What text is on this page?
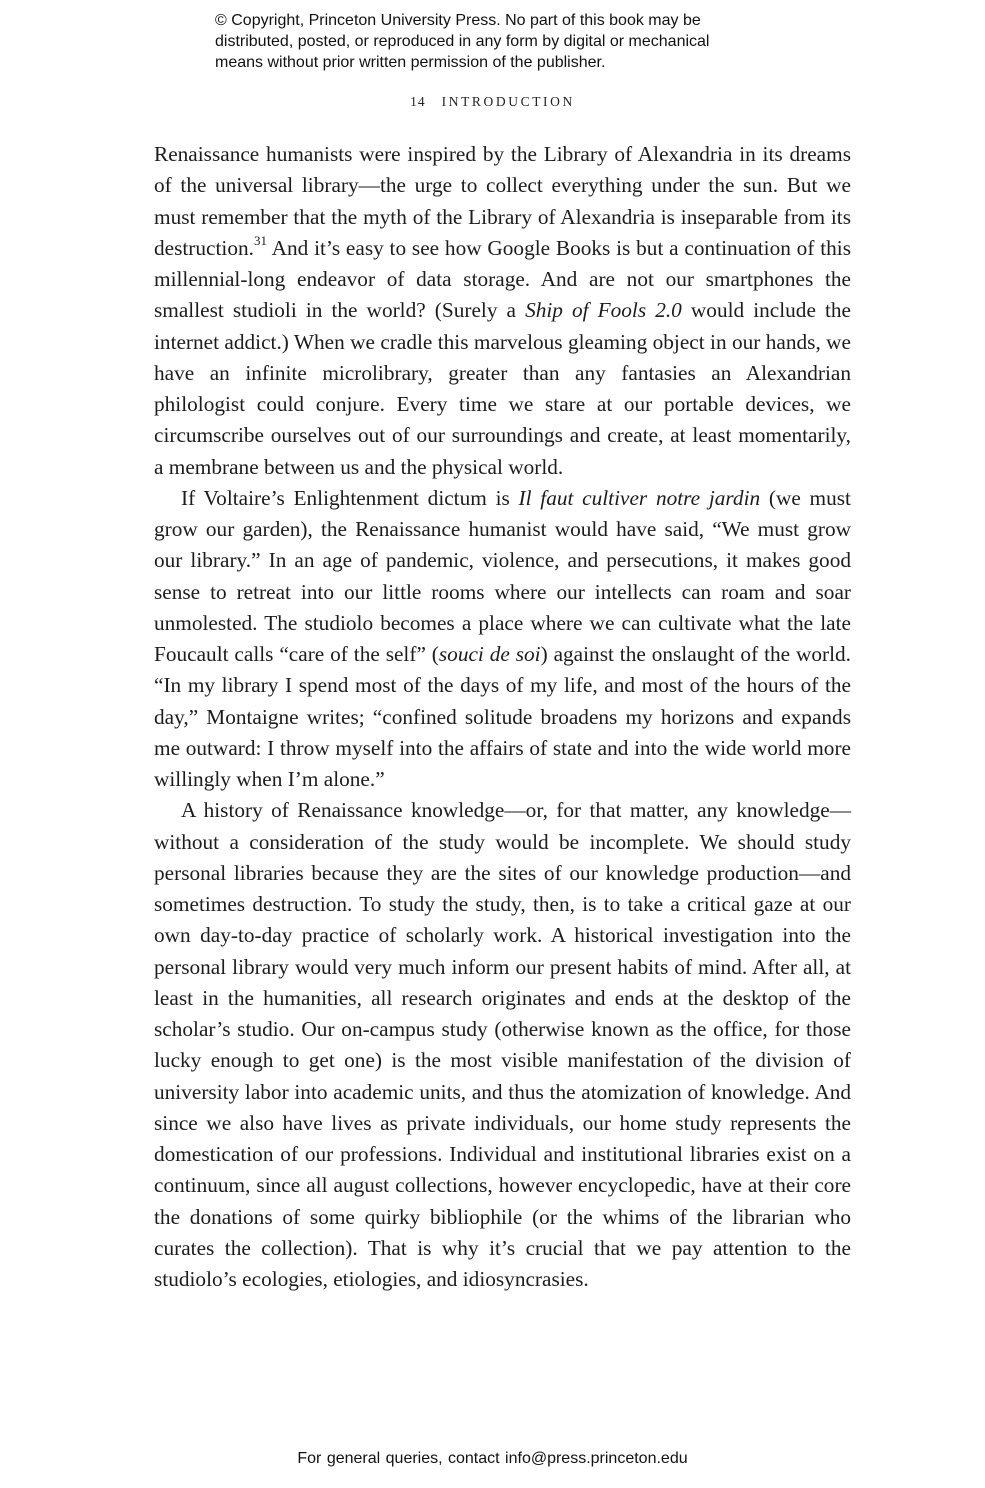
© Copyright, Princeton University Press. No part of this book may be
distributed, posted, or reproduced in any form by digital or mechanical
means without prior written permission of the publisher.
14 INTRODUCTION

Renaissance humanists were inspired by the Library of Alexandria in its dreams of the universal library—the urge to collect everything under the sun. But we must remember that the myth of the Library of Alexandria is inseparable from its destruction.$^{31}$ And it’s easy to see how Google Books is but a continuation of this millennial-long endeavor of data storage. And are not our smartphones the smallest studioli in the world? (Surely a Ship of Fools 2.0 would include the internet addict.) When we cradle this marvelous gleaming object in our hands, we have an infinite microlibrary, greater than any fantasies an Alexandrian philologist could conjure. Every time we stare at our portable devices, we circumscribe ourselves out of our surroundings and create, at least momentarily, a membrane between us and the physical world.

If Voltaire’s Enlightenment dictum is Il faut cultiver notre jardin (we must grow our garden), the Renaissance humanist would have said, “We must grow our library.” In an age of pandemic, violence, and persecutions, it makes good sense to retreat into our little rooms where our intellects can roam and soar unmolested. The studiolo becomes a place where we can cultivate what the late Foucault calls “care of the self” (souci de soi) against the onslaught of the world. “In my library I spend most of the days of my life, and most of the hours of the day,” Montaigne writes; “confined solitude broadens my horizons and expands me outward: I throw myself into the affairs of state and into the wide world more willingly when I’m alone.”

A history of Renaissance knowledge—or, for that matter, any knowledge—without a consideration of the study would be incomplete. We should study personal libraries because they are the sites of our knowledge production—and sometimes destruction. To study the study, then, is to take a critical gaze at our own day-to-day practice of scholarly work. A historical investigation into the personal library would very much inform our present habits of mind. After all, at least in the humanities, all research originates and ends at the desktop of the scholar’s studio. Our on-campus study (otherwise known as the office, for those lucky enough to get one) is the most visible manifestation of the division of university labor into academic units, and thus the atomization of knowledge. And since we also have lives as private individuals, our home study represents the domestication of our professions. Individual and institutional libraries exist on a continuum, since all august collections, however encyclopedic, have at their core the donations of some quirky bibliophile (or the whims of the librarian who curates the collection). That is why it’s crucial that we pay attention to the studiolo’s ecologies, etiologies, and idiosyncrasies.

For general queries, contact info@press.princeton.edu
